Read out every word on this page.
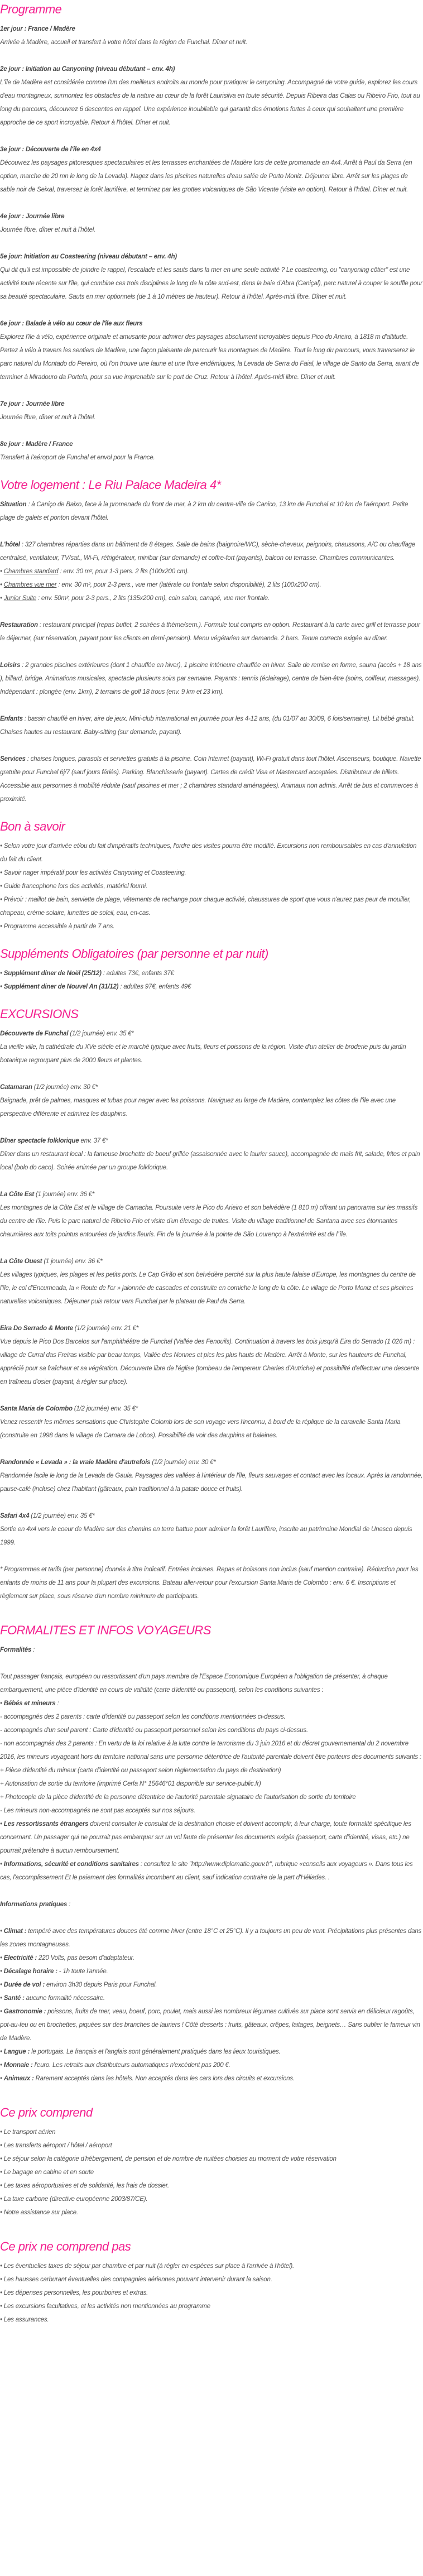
Programme

1er jour : France / Madère

Arrivée à Madère, accueil et transfert à votre hôtel dans la région de Funchal. Dîner et nuit.

2e jour : Initiation au Canyoning (niveau débutant – env. 4h)

L'île de Madère est considérée comme l'un des meilleurs endroits au monde pour pratiquer le canyoning. Accompagné de votre guide, explorez les cours d'eau montagneux, surmontez les obstacles de la nature au cœur de la forêt Laurisilva en toute sécurité. Depuis Ribeira das Calas ou Ribeiro Frio, tout au long du parcours, découvrez 6 descentes en rappel. Une expérience inoubliable qui garantit des émotions fortes à ceux qui souhaitent une première approche de ce sport incroyable. Retour à l'hôtel. Dîner et nuit.

3e jour : Découverte de l'île en 4x4

Découvrez les paysages pittoresques spectaculaires et les terrasses enchantées de Madère lors de cette promenade en 4x4. Arrêt à Paul da Serra (en option, marche de 20 mn le long de la Levada). Nagez dans les piscines naturelles d'eau salée de Porto Moniz. Déjeuner libre. Arrêt sur les plages de sable noir de Seixal, traversez la forêt laurifère, et terminez par les grottes volcaniques de São Vicente (visite en option). Retour à l'hôtel. Dîner et nuit.

4e jour : Journée libre

Journée libre, dîner et nuit à l'hôtel.

5e jour: Initiation au Coasteering (niveau débutant – env. 4h)

Qui dit qu'il est impossible de joindre le rappel, l'escalade et les sauts dans la mer en une seule activité ? Le coasteering, ou "canyoning côtier" est une activité toute récente sur l'île, qui combine ces trois disciplines le long de la côte sud-est, dans la baie d'Abra (Caniçal), parc naturel à couper le souffle pour sa beauté spectaculaire. Sauts en mer optionnels (de 1 à 10 mètres de hauteur). Retour à l'hôtel. Après-midi libre. Dîner et nuit.

6e jour : Balade à vélo au cœur de l'île aux fleurs

Explorez l'île à vélo, expérience originale et amusante pour admirer des paysages absolument incroyables depuis Pico do Arieiro, à 1818 m d'altitude. Partez à vélo à travers les sentiers de Madère, une façon plaisante de parcourir les montagnes de Madère. Tout le long du parcours, vous traverserez le parc naturel du Montado do Pereiro, où l'on trouve une faune et une flore endémiques, la Levada de Serra do Faial, le village de Santo da Serra, avant de terminer à Miradouro da Portela, pour sa vue imprenable sur le port de Cruz. Retour à l'hôtel. Après-midi libre. Dîner et nuit.

7e jour : Journée libre

Journée libre, dîner et nuit à l'hôtel.

8e jour : Madère / France

Transfert à l'aéroport de Funchal et envol pour la France.

Votre logement : Le Riu Palace Madeira 4*

Situation : à Caniço de Baixo, face à la promenade du front de mer, à 2 km du centre-ville de Canico, 13 km de Funchal et 10 km de l'aéroport. Petite plage de galets et ponton devant l'hôtel.

L'hôtel : 327 chambres réparties dans un bâtiment de 8 étages. Salle de bains (baignoire/WC), sèche-cheveux, peignoirs, chaussons, A/C ou chauffage centralisé, ventilateur, TV/sat., Wi-Fi, réfrigérateur, minibar (sur demande) et coffre-fort (payants), balcon ou terrasse. Chambres communicantes.

• Chambres standard : env. 30 m², pour 1-3 pers. 2 lits (100x200 cm).
• Chambres vue mer : env. 30 m², pour 2-3 pers., vue mer (latérale ou frontale selon disponibilité), 2 lits (100x200 cm).
• Junior Suite : env. 50m², pour 2-3 pers., 2 lits (135x200 cm), coin salon, canapé, vue mer frontale.

Restauration : restaurant principal (repas buffet, 2 soirées à thème/sem.). Formule tout compris en option. Restaurant à la carte avec grill et terrasse pour le déjeuner, (sur réservation, payant pour les clients en demi-pension). Menu végétarien sur demande. 2 bars. Tenue correcte exigée au dîner.

Loisirs : 2 grandes piscines extérieures (dont 1 chauffée en hiver), 1 piscine intérieure chauffée en hiver. Salle de remise en forme, sauna (accès + 18 ans ), billard, bridge. Animations musicales, spectacle plusieurs soirs par semaine. Payants : tennis (éclairage), centre de bien-être (soins, coiffeur, massages). Indépendant : plongée (env. 1km), 2 terrains de golf 18 trous (env. 9 km et 23 km).

Enfants : bassin chauffé en hiver, aire de jeux. Mini-club international en journée pour les 4-12 ans, (du 01/07 au 30/09, 6 fois/semaine). Lit bébé gratuit. Chaises hautes au restaurant. Baby-sitting (sur demande, payant).

Services : chaises longues, parasols et serviettes gratuits à la piscine. Coin Internet (payant), Wi-Fi gratuit dans tout l'hôtel. Ascenseurs, boutique. Navette gratuite pour Funchal 6j/7 (sauf jours fériés). Parking. Blanchisserie (payant). Cartes de crédit Visa et Mastercard acceptées. Distributeur de billets. Accessible aux personnes à mobilité réduite (sauf piscines et mer ; 2 chambres standard aménagées). Animaux non admis. Arrêt de bus et commerces à proximité.

Bon à savoir
• Selon votre jour d'arrivée et/ou du fait d'impératifs techniques, l'ordre des visites pourra être modifié. Excursions non remboursables en cas d'annulation du fait du client.
• Savoir nager impératif pour les activités Canyoning et Coasteering.
• Guide francophone lors des activités, matériel fourni.
• Prévoir : maillot de bain, serviette de plage, vêtements de rechange pour chaque activité, chaussures de sport que vous n'aurez pas peur de mouiller, chapeau, crème solaire, lunettes de soleil, eau, en-cas.
• Programme accessible à partir de 7 ans.
Suppléments Obligatoires (par personne et par nuit)
• Supplément diner de Noël (25/12) : adultes 73€, enfants 37€
• Supplément diner de Nouvel An (31/12) : adultes 97€, enfants 49€
EXCURSIONS

Découverte de Funchal (1/2 journée) env. 35 €*

La vieille ville, la cathédrale du XVe siècle et le marché typique avec fruits, fleurs et poissons de la région. Visite d'un atelier de broderie puis du jardin botanique regroupant plus de 2000 fleurs et plantes.

Catamaran (1/2 journée) env. 30 €*

Baignade, prêt de palmes, masques et tubas pour nager avec les poissons. Naviguez au large de Madère, contemplez les côtes de l'île avec une perspective différente et admirez les dauphins.

Dîner spectacle folklorique env. 37 €*

Dîner dans un restaurant local : la fameuse brochette de boeuf grillée (assaisonnée avec le laurier sauce), accompagnée de maïs frit, salade, frites et pain local (bolo do caco). Soirée animée par un groupe folklorique.

La Côte Est (1 journée) env. 36 €*

Les montagnes de la Côte Est et le village de Camacha. Poursuite vers le Pico do Arieiro et son belvédère (1 810 m) offrant un panorama sur les massifs du centre de l'île. Puis le parc naturel de Ribeiro Frio et visite d'un élevage de truites. Visite du village traditionnel de Santana avec ses étonnantes chaumières aux toits pointus entourées de jardins fleuris. Fin de la journée à la pointe de São Lourenço à l'extrémité est de l´île.

La Côte Ouest (1 journée) env. 36 €*

Les villages typiques, les plages et les petits ports. Le Cap Girão et son belvédère perché sur la plus haute falaise d'Europe, les montagnes du centre de l'île, le col d'Encumeada, la « Route de l'or » jalonnée de cascades et construite en corniche le long de la côte. Le village de Porto Moniz et ses piscines naturelles volcaniques. Déjeuner puis retour vers Funchal par le plateau de Paul da Serra.

Eira Do Serrado & Monte (1/2 journée) env. 21 €*

Vue depuis le Pico Dos Barcelos sur l'amphithéâtre de Funchal (Vallée des Fenouils). Continuation à travers les bois jusqu'à Eira do Serrado (1 026 m) : village de Curral das Freiras visible par beau temps, Vallée des Nonnes et pics les plus hauts de Madère. Arrêt à Monte, sur les hauteurs de Funchal, apprécié pour sa fraîcheur et sa végétation. Découverte libre de l'église (tombeau de l'empereur Charles d'Autriche) et possibilité d'effectuer une descente en traîneau d'osier (payant, à régler sur place).

Santa Maria de Colombo (1/2 journée) env. 35 €*

Venez ressentir les mêmes sensations que Christophe Colomb lors de son voyage vers l'inconnu, à bord de la réplique de la caravelle Santa Maria (construite en 1998 dans le village de Camara de Lobos). Possibilité de voir des dauphins et baleines.

Randonnée « Levada » : la vraie Madère d'autrefois (1/2 journée) env. 30 €*

Randonnée facile le long de la Levada de Gaula. Paysages des vallées à l'intérieur de l'île, fleurs sauvages et contact avec les locaux. Après la randonnée, pause-café (incluse) chez l'habitant (gâteaux, pain traditionnel à la patate douce et fruits).

Safari 4x4 (1/2 journée) env. 35 €*

Sortie en 4x4 vers le coeur de Madère sur des chemins en terre battue pour admirer la forêt Laurifère, inscrite au patrimoine Mondial de Unesco depuis 1999.

* Programmes et tarifs (par personne) donnés à titre indicatif. Entrées incluses. Repas et boissons non inclus (sauf mention contraire). Réduction pour les enfants de moins de 11 ans pour la plupart des excursions. Bateau aller-retour pour l'excursion Santa Maria de Colombo : env. 6 €. Inscriptions et règlement sur place, sous réserve d'un nombre minimum de participants.

FORMALITES ET INFOS VOYAGEURS

Formalités :

Tout passager français, européen ou ressortissant d'un pays membre de l'Espace Economique Européen a l'obligation de présenter, à chaque embarquement, une pièce d'identité en cours de validité (carte d'identité ou passeport), selon les conditions suivantes :

• Bébés et mineurs :

- accompagnés des 2 parents : carte d'identité ou passeport selon les conditions mentionnées ci-dessus.

- accompagnés d'un seul parent : Carte d'identité ou passeport personnel selon les conditions du pays ci-dessus.

- non accompagnés des 2 parents : En vertu de la loi relative à la lutte contre le terrorisme du 3 juin 2016 et du décret gouvernemental du 2 novembre 2016, les mineurs voyageant hors du territoire national sans une personne détentrice de l'autorité parentale doivent être porteurs des documents suivants :

+ Pièce d'identité du mineur (carte d'identité ou passeport selon règlementation du pays de destination)

+ Autorisation de sortie du territoire (imprimé Cerfa N° 15646*01 disponible sur service-public.fr)

+ Photocopie de la pièce d'identité de la personne détentrice de l'autorité parentale signataire de l'autorisation de sortie du territoire

- Les mineurs non-accompagnés ne sont pas acceptés sur nos séjours.

• Les ressortissants étrangers doivent consulter le consulat de la destination choisie et doivent accomplir, à leur charge, toute formalité spécifique les concernant. Un passager qui ne pourrait pas embarquer sur un vol faute de présenter les documents exigés (passeport, carte d'identité, visas, etc.) ne pourrait prétendre à aucun remboursement.
• Informations, sécurité et conditions sanitaires : consultez le site "http://www.diplomatie.gouv.fr", rubrique «conseils aux voyageurs ». Dans tous les cas, l'accomplissement Et le paiement des formalités incombent au client, sauf indication contraire de la part d'Héliades. .

Informations pratiques :

• Climat : tempéré avec des températures douces été comme hiver (entre 18°C et 25°C). Il y a toujours un peu de vent. Précipitations plus présentes dans les zones montagneuses.
• Electricité : 220 Volts, pas besoin d'adaptateur.
• Décalage horaire : - 1h toute l'année.
• Durée de vol : environ 3h30 depuis Paris pour Funchal.
• Santé : aucune formalité nécessaire.
• Gastronomie : poissons, fruits de mer, veau, boeuf, porc, poulet, mais aussi les nombreux légumes cultivés sur place sont servis en délicieux ragoûts, pot-au-feu ou en brochettes, piquées sur des branches de lauriers ! Côté desserts : fruits, gâteaux, crêpes, laitages, beignets… Sans oublier le fameux vin de Madère.
• Langue : le portugais. Le français et l'anglais sont généralement pratiqués dans les lieux touristiques.
• Monnaie : l'euro. Les retraits aux distributeurs automatiques n'excèdent pas 200 €.
• Animaux : Rarement acceptés dans les hôtels. Non acceptés dans les cars lors des circuits et excursions.
Ce prix comprend
• Le transport aérien
• Les transferts aéroport / hôtel / aéroport
• Le séjour selon la catégorie d'hébergement, de pension et de nombre de nuitées choisies au moment de votre réservation
• Le bagage en cabine et en soute
• Les taxes aéroportuaires et de solidarité, les frais de dossier.
• La taxe carbone (directive européenne 2003/87/CE).
• Notre assistance sur place.
Ce prix ne comprend pas
• Les éventuelles taxes de séjour par chambre et par nuit (à régler en espèces sur place à l'arrivée à l'hôtel).
• Les hausses carburant éventuelles des compagnies aériennes pouvant intervenir durant la saison.
• Les dépenses personnelles, les pourboires et extras.
• Les excursions facultatives, et les activités non mentionnées au programme
• Les assurances.
